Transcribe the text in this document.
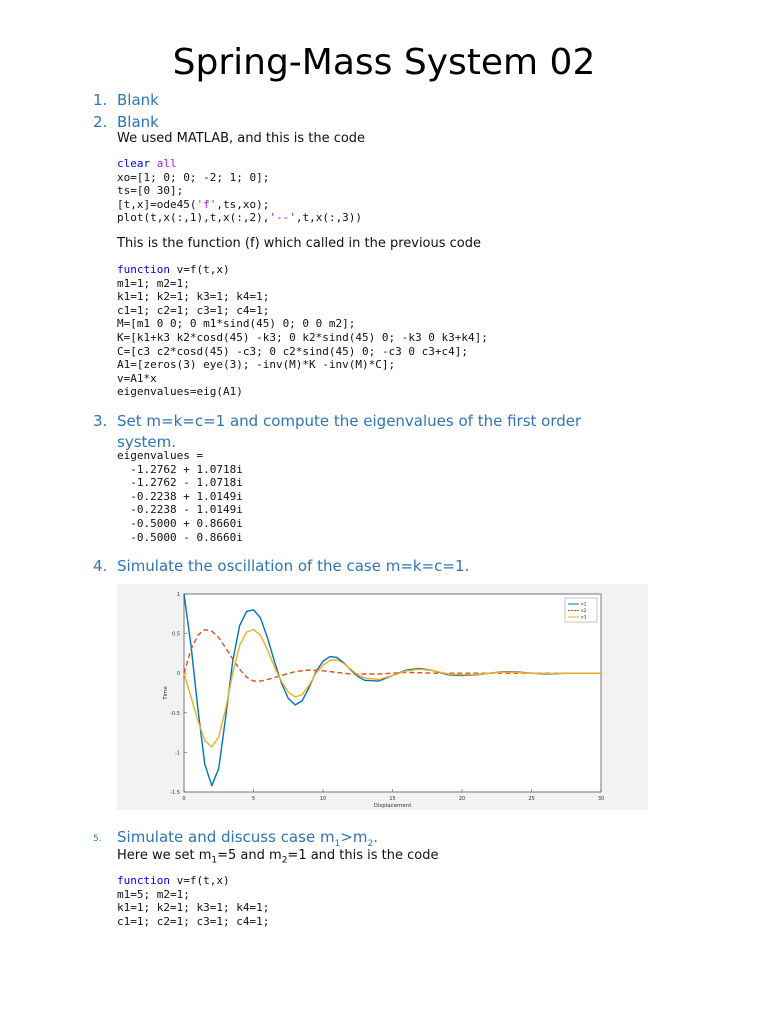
Spring-Mass System 02
1. Blank
2. Blank
We used MATLAB, and this is the code
clear all
xo=[1; 0; 0; -2; 1; 0];
ts=[0 30];
[t,x]=ode45('f',ts,xo);
plot(t,x(:,1),t,x(:,2),'--',t,x(:,3))
This is the function (f) which called in the previous code
function v=f(t,x)
m1=1; m2=1;
k1=1; k2=1; k3=1; k4=1;
c1=1; c2=1; c3=1; c4=1;
M=[m1 0 0; 0 m1*sind(45) 0; 0 0 m2];
K=[k1+k3 k2*cosd(45) -k3; 0 k2*sind(45) 0; -k3 0 k3+k4];
C=[c3 c2*cosd(45) -c3; 0 c2*sind(45) 0; -c3 0 c3+c4];
A1=[zeros(3) eye(3); -inv(M)*K -inv(M)*C];
v=A1*x
eigenvalues=eig(A1)
3. Set m=k=c=1 and compute the eigenvalues of the first order
system.
eigenvalues =
-1.2762 + 1.0718i
-1.2762 - 1.0718i
-0.2238 + 1.0149i
-0.2238 - 1.0149i
-0.5000 + 0.8660i
-0.5000 - 0.8660i
4. Simulate the oscillation of the case m=k=c=1.
0	5	10	15	20	25	30
1
0.5
0
-0.5
-1
-1.5
Displacement
Time
x1
x2
x3
5. Simulate and discuss case $m_1>m_2$.
Here we set $m_1=5$ and $m_2=1$ and this is the code
function v=f(t,x)
m1=5; m2=1;
k1=1; k2=1; k3=1; k4=1;
c1=1; c2=1; c3=1; c4=1;
